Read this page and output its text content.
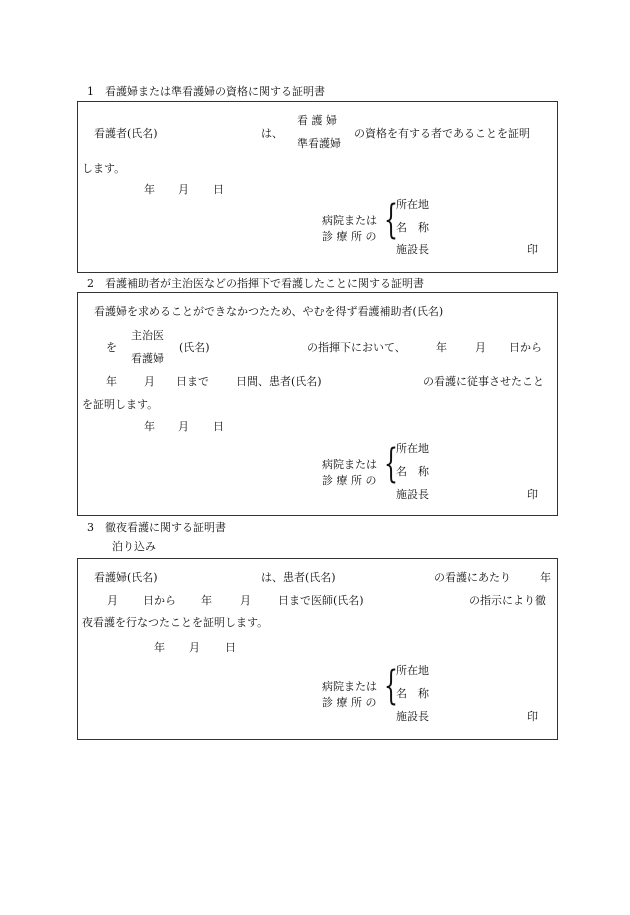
1　看護婦または準看護婦の資格に関する証明書
看護者(氏名)	は、
看 護 婦
準看護婦
の資格を有する者であることを証明
します。
年 月 日
病院または
診 療 所 の {
所在地
名　称
施設長	印
2　看護補助者が主治医などの指揮下で看護したことに関する証明書
看護婦を求めることができなかつたため、やむを得ず看護補助者(氏名)
を
主治医
看護婦
(氏名)	の指揮下において、	年	月 日から
年 月 日まで 日間、患者(氏名)	の看護に従事させたこと
を証明します。
年 月 日
病院または
診 療 所 の {
所在地
名　称
施設長	印
3　徹夜看護に関する証明書
泊り込み
看護婦(氏名)	は、患者(氏名)	の看護にあたり	年
月 日から 年	月 日まで医師(氏名)	の指示により徹
夜看護を行なつたことを証明します。
年 月 日
病院または
診 療 所 の {
所在地
名　称
施設長	印
